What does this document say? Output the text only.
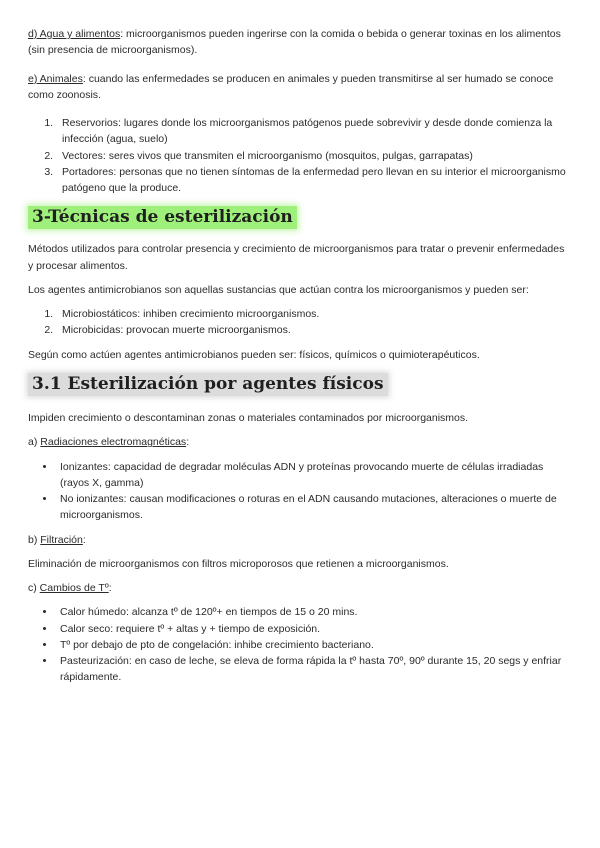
d) Agua y alimentos: microorganismos pueden ingerirse con la comida o bebida o generar toxinas en los alimentos (sin presencia de microorganismos).

e) Animales: cuando las enfermedades se producen en animales y pueden transmitirse al ser humado se conoce como zoonosis.

1. Reservorios: lugares donde los microorganismos patógenos puede sobrevivir y desde donde comienza la infección (agua, suelo)
2. Vectores: seres vivos que transmiten el microorganismo (mosquitos, pulgas, garrapatas)
3. Portadores: personas que no tienen síntomas de la enfermedad pero llevan en su interior el microorganismo patógeno que la produce.
3-Técnicas de esterilización

Métodos utilizados para controlar presencia y crecimiento de microorganismos para tratar o prevenir enfermedades y procesar alimentos.

Los agentes antimicrobianos son aquellas sustancias que actúan contra los microorganismos y pueden ser:

1. Microbiostáticos: inhiben crecimiento microorganismos.
2. Microbicidas: provocan muerte microorganismos.

Según como actúen agentes antimicrobianos pueden ser: físicos, químicos o quimioterapéuticos.

3.1 Esterilización por agentes físicos

Impiden crecimiento o descontaminan zonas o materiales contaminados por microorganismos.

a) Radiaciones electromagnéticas:

• Ionizantes: capacidad de degradar moléculas ADN y proteínas provocando muerte de células irradiadas (rayos X, gamma)
• No ionizantes: causan modificaciones o roturas en el ADN causando mutaciones, alteraciones o muerte de microorganismos.

b) Filtración:

Eliminación de microorganismos con filtros microporosos que retienen a microorganismos.

c) Cambios de Tº:

• Calor húmedo: alcanza tº de 120º+ en tiempos de 15 o 20 mins.
• Calor seco: requiere tº + altas y + tiempo de exposición.
• Tº por debajo de pto de congelación: inhibe crecimiento bacteriano.
• Pasteurización: en caso de leche, se eleva de forma rápida la tº hasta 70º, 90º durante 15, 20 segs y enfriar rápidamente.
